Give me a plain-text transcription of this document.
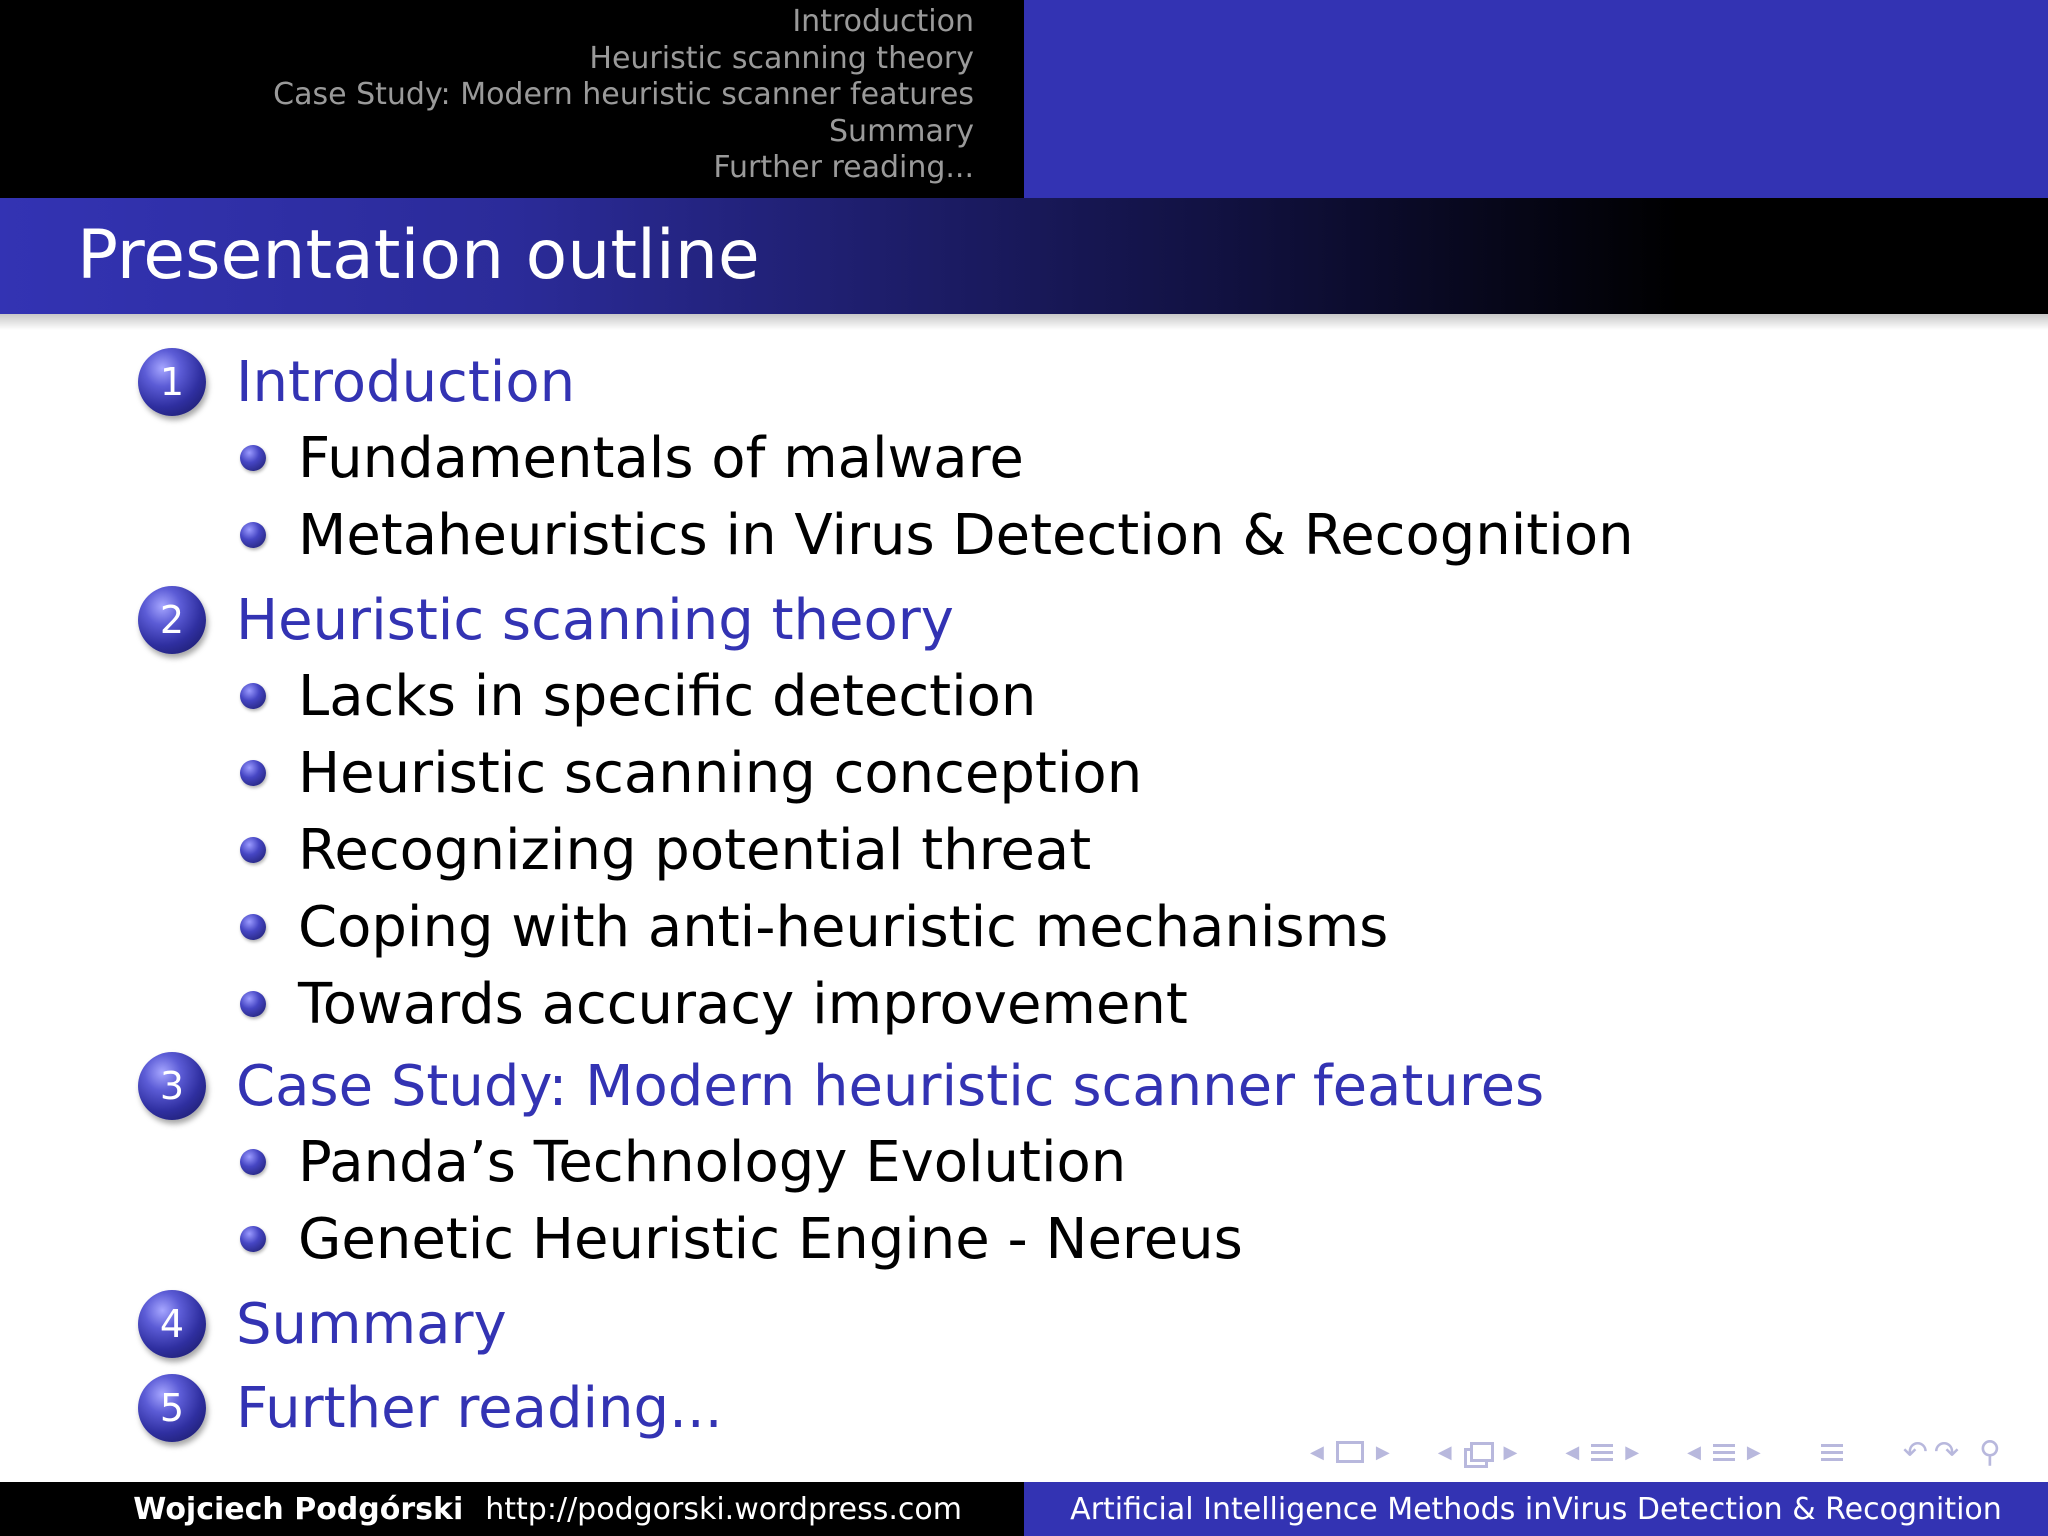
Introduction
Heuristic scanning theory
Case Study: Modern heuristic scanner features
Summary
Further reading...
Presentation outline
1 Introduction
Fundamentals of malware
Metaheuristics in Virus Detection & Recognition
2 Heuristic scanning theory
Lacks in specific detection
Heuristic scanning conception
Recognizing potential threat
Coping with anti-heuristic mechanisms
Towards accuracy improvement
3 Case Study: Modern heuristic scanner features
Panda’s Technology Evolution
Genetic Heuristic Engine - Nereus
4 Summary
5 Further reading...
◀	▶	◀	▶	◀	▶	◀	▶	↶ ↷ ⚲
Wojciech Podgórski http://podgorski.wordpress.com	Artificial Intelligence Methods inVirus Detection & Recognition
